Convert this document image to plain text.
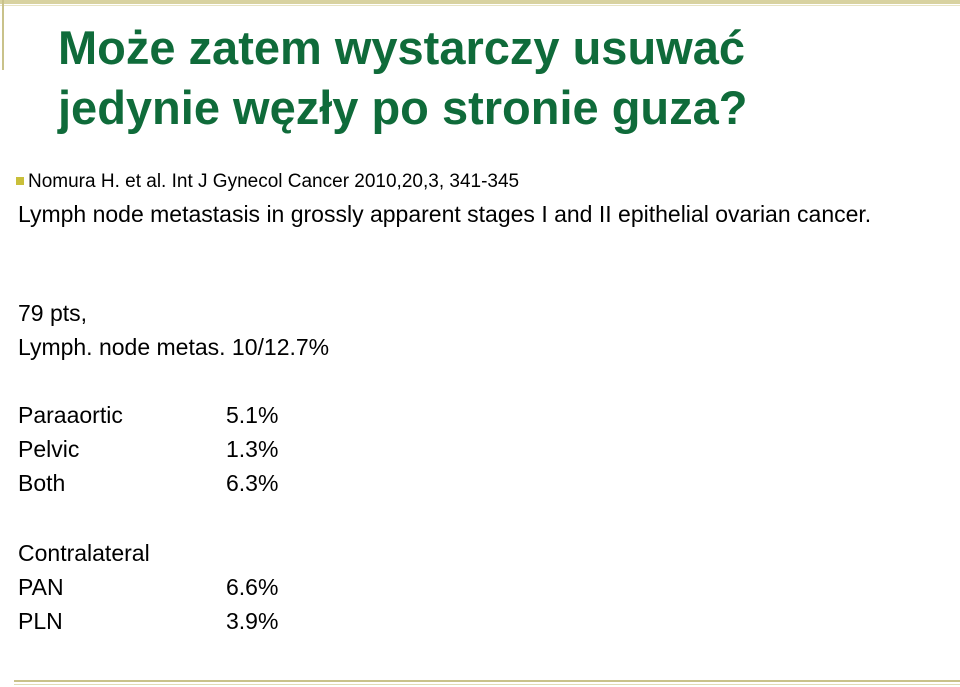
Może zatem wystarczy usuwać
jedynie węzły po stronie guza?
Nomura H. et al. Int J Gynecol Cancer 2010,20,3, 341-345
Lymph node metastasis in grossly apparent stages I and II epithelial ovarian cancer.
79 pts,
Lymph. node metas. 10/12.7%
Paraaortic	5.1%
Pelvic	1.3%
Both	6.3%
Contralateral
PAN	6.6%
PLN	3.9%
